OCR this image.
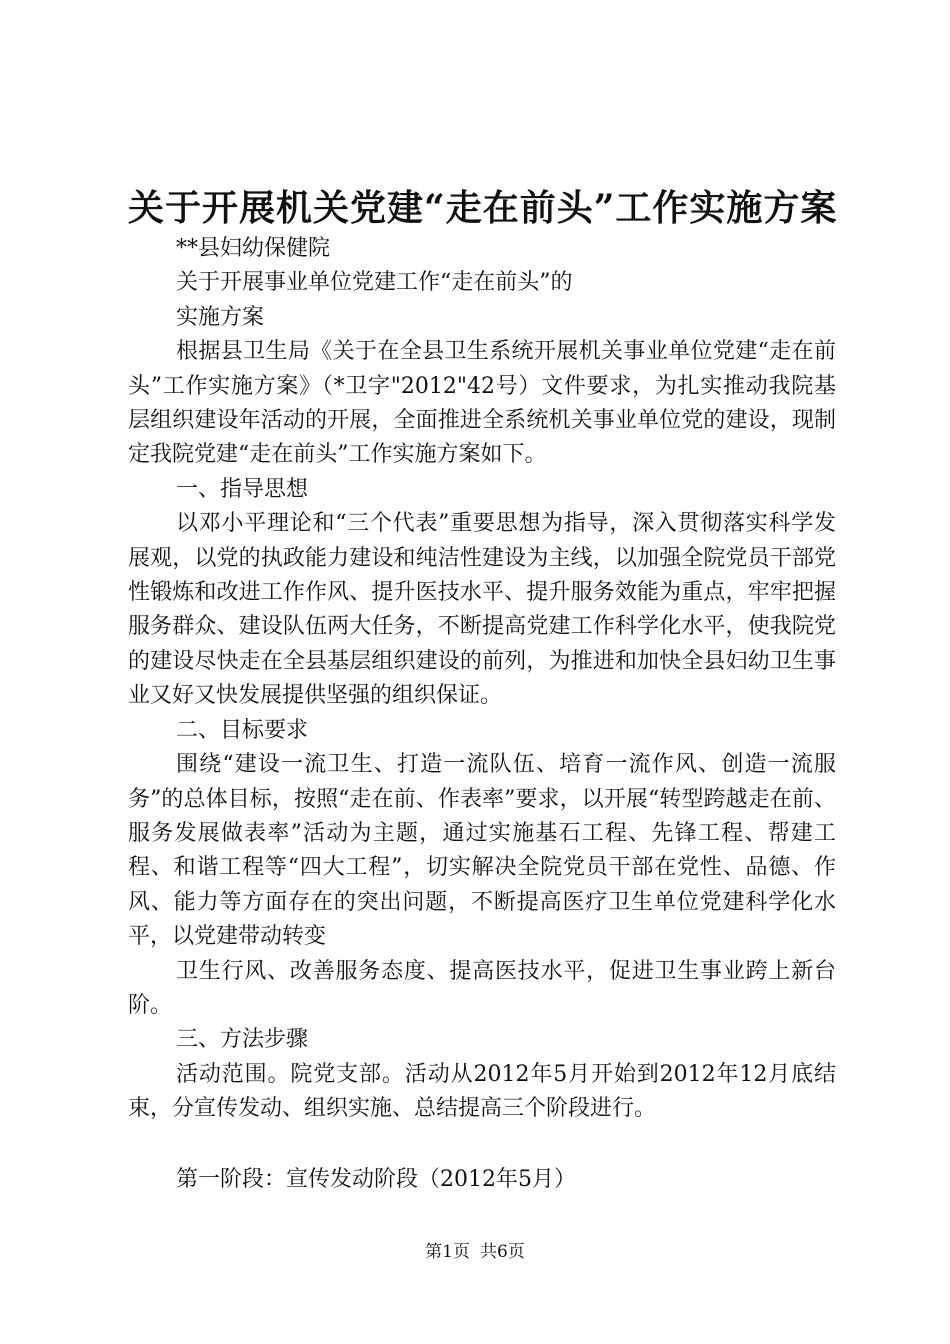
关于开展机关党建“走在前头”工作实施方案

**县妇幼保健院

关于开展事业单位党建工作“走在前头”的

实施方案

根据县卫生局《关于在全县卫生系统开展机关事业单位党建“走在前头”工作实施方案》（*卫字"2012"42号）文件要求，为扎实推动我院基层组织建设年活动的开展，全面推进全系统机关事业单位党的建设，现制定我院党建“走在前头”工作实施方案如下。

一、指导思想

以邓小平理论和“三个代表”重要思想为指导，深入贯彻落实科学发展观，以党的执政能力建设和纯洁性建设为主线，以加强全院党员干部党性锻炼和改进工作作风、提升医技水平、提升服务效能为重点，牢牢把握服务群众、建设队伍两大任务，不断提高党建工作科学化水平，使我院党的建设尽快走在全县基层组织建设的前列，为推进和加快全县妇幼卫生事业又好又快发展提供坚强的组织保证。

二、目标要求

围绕“建设一流卫生、打造一流队伍、培育一流作风、创造一流服务”的总体目标，按照“走在前、作表率”要求，以开展“转型跨越走在前、服务发展做表率”活动为主题，通过实施基石工程、先锋工程、帮建工程、和谐工程等“四大工程”，切实解决全院党员干部在党性、品德、作风、能力等方面存在的突出问题，不断提高医疗卫生单位党建科学化水平，以党建带动转变

卫生行风、改善服务态度、提高医技水平，促进卫生事业跨上新台阶。

三、方法步骤

活动范围。院党支部。活动从2012年5月开始到2012年12月底结束，分宣传发动、组织实施、总结提高三个阶段进行。

第一阶段：宣传发动阶段（2012年5月）

第1页 共6页
